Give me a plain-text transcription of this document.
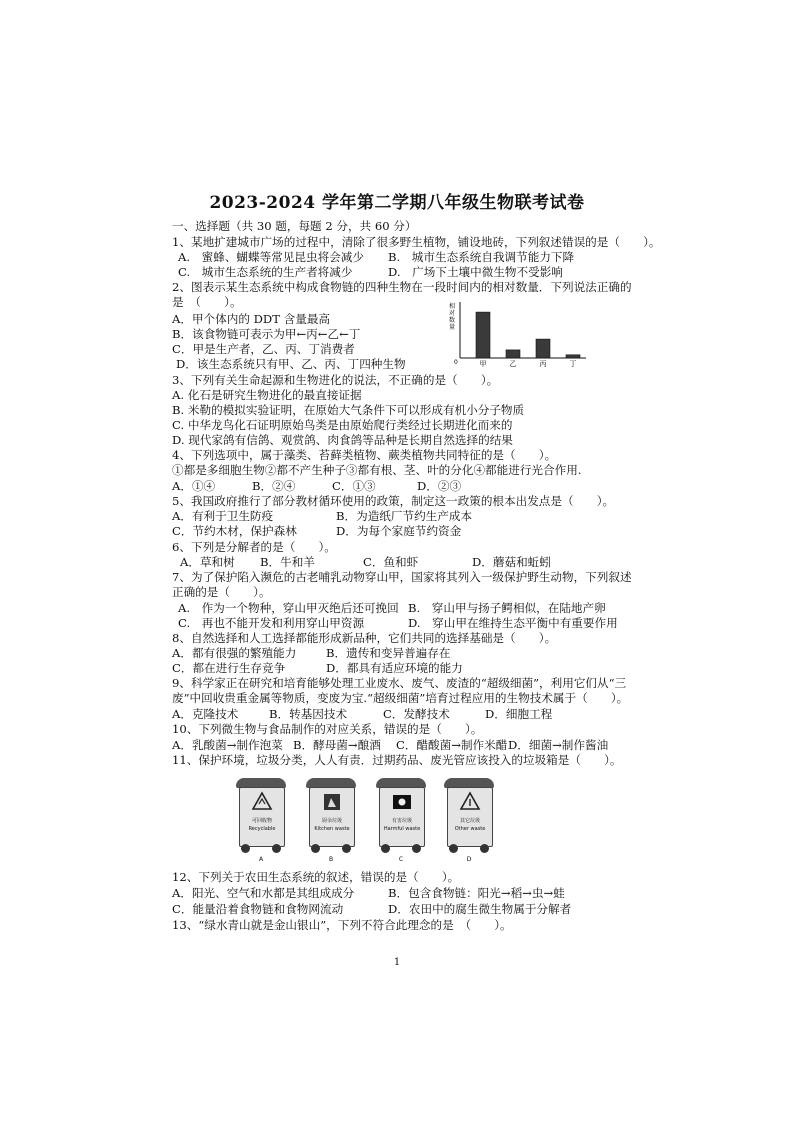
2023-2024 学年第二学期八年级生物联考试卷
一、选择题（共 30 题，每题 2 分，共 60 分）
1、某地扩建城市广场的过程中，清除了很多野生植物，铺设地砖，下列叙述错误的是（　　）。
A.　蜜蜂、蝴蝶等常见昆虫将会减少 B.　城市生态系统自我调节能力下降
C.　城市生态系统的生产者将减少	D.　广场下土壤中微生物不受影响
2、图表示某生态系统中构成食物链的四种生物在一段时间内的相对数量．下列说法正确的
是　（　　）。
A．甲个体内的 DDT 含量最高
B．该食物链可表示为甲←丙←乙←丁
C．甲是生产者，乙、丙、丁消费者
D．该生态系统只有甲、乙、丙、丁四种生物
相对数量
0	甲	乙	丙	丁
3、下列有关生命起源和生物进化的说法，不正确的是（　　）。
A. 化石是研究生物进化的最直接证据
B. 米勒的模拟实验证明，在原始大气条件下可以形成有机小分子物质
C. 中华龙鸟化石证明原始鸟类是由原始爬行类经过长期进化而来的
D. 现代家鸽有信鸽、观赏鸽、肉食鸽等品种是长期自然选择的结果
4、下列选项中，属于藻类、苔藓类植物、蕨类植物共同特征的是（　　）。
①都是多细胞生物②都不产生种子③都有根、茎、叶的分化④都能进行光合作用.
A．①④	B．②④	C．①③	D．②③
5、我国政府推行了部分教材循环使用的政策，制定这一政策的根本出发点是（　　）。
A．有利于卫生防疫	B．为造纸厂节约生产成本
C．节约木材，保护森林	D．为每个家庭节约资金
6、下列是分解者的是（　　）。
A．草和树 B．牛和羊	C．鱼和虾	D．蘑菇和蚯蚓
7、为了保护陷入濒危的古老哺乳动物穿山甲，国家将其列入一级保护野生动物，下列叙述
正确的是（　　）。
A.　作为一个物种，穿山甲灭绝后还可挽回 B.　穿山甲与扬子鳄相似，在陆地产卵
C.　再也不能开发和利用穿山甲资源	D.　穿山甲在维持生态平衡中有重要作用
8、自然选择和人工选择都能形成新品种，它们共同的选择基础是（　　）。
A．都有很强的繁殖能力	B．遗传和变异普遍存在
C．都在进行生存竞争	D．都具有适应环境的能力
9、科学家正在研究和培育能够处理工业废水、废气、废渣的“超级细菌”，利用它们从“三
废”中回收贵重金属等物质，变废为宝.“超级细菌”培育过程应用的生物技术属于（　　）。
A．克隆技术	B．转基因技术	C．发酵技术	D．细胞工程
10、下列微生物与食品制作的对应关系，错误的是（　　）。
A．乳酸菌→制作泡菜 B．酵母菌→酿酒 C．醋酸菌→制作米醋 D．细菌→制作酱油
11、保护环境，垃圾分类，人人有责．过期药品、废光管应该投入的垃圾箱是（　　）。
可回收物
Recyclable
A
厨余垃圾
Kitchen waste
B
有害垃圾
Harmful waste
C
其它垃圾
Other waste
D
12、下列关于农田生态系统的叙述，错误的是（　　）。
A．阳光、空气和水都是其组成成分	B．包含食物链：阳光→稻→虫→蛙
C．能量沿着食物链和食物网流动	D．农田中的腐生微生物属于分解者
13、“绿水青山就是金山银山”，下列不符合此理念的是　（　　）。
1
